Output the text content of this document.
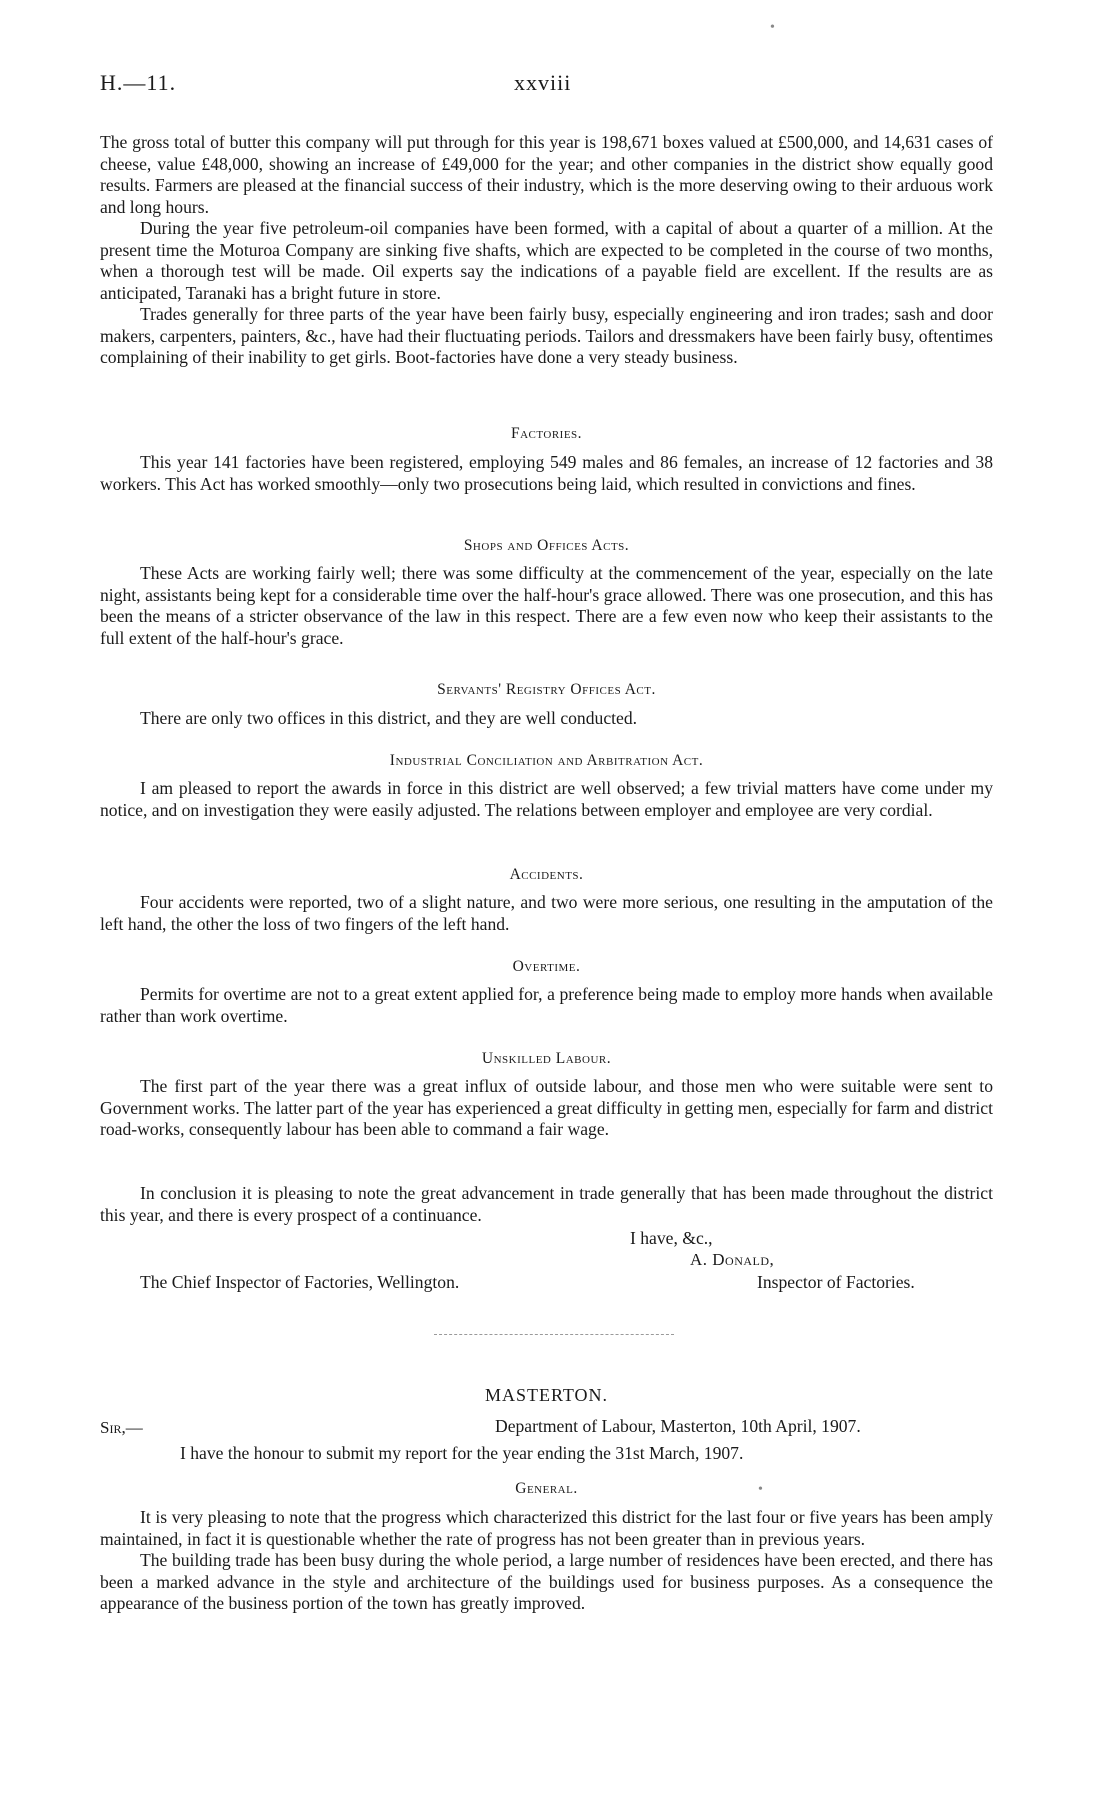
H.—11.	xxviii

The gross total of butter this company will put through for this year is 198,671 boxes valued at £500,000, and 14,631 cases of cheese, value £48,000, showing an increase of £49,000 for the year; and other companies in the district show equally good results. Farmers are pleased at the financial success of their industry, which is the more deserving owing to their arduous work and long hours.

During the year five petroleum-oil companies have been formed, with a capital of about a quarter of a million. At the present time the Moturoa Company are sinking five shafts, which are expected to be completed in the course of two months, when a thorough test will be made. Oil experts say the indications of a payable field are excellent. If the results are as anticipated, Taranaki has a bright future in store.

Trades generally for three parts of the year have been fairly busy, especially engineering and iron trades; sash and door makers, carpenters, painters, &c., have had their fluctuating periods. Tailors and dressmakers have been fairly busy, oftentimes complaining of their inability to get girls. Boot-factories have done a very steady business.

Factories.

This year 141 factories have been registered, employing 549 males and 86 females, an increase of 12 factories and 38 workers. This Act has worked smoothly—only two prosecutions being laid, which resulted in convictions and fines.

Shops and Offices Acts.

These Acts are working fairly well; there was some difficulty at the commencement of the year, especially on the late night, assistants being kept for a considerable time over the half-hour's grace allowed. There was one prosecution, and this has been the means of a stricter observance of the law in this respect. There are a few even now who keep their assistants to the full extent of the half-hour's grace.

Servants' Registry Offices Act.

There are only two offices in this district, and they are well conducted.

Industrial Conciliation and Arbitration Act.

I am pleased to report the awards in force in this district are well observed; a few trivial matters have come under my notice, and on investigation they were easily adjusted. The relations between employer and employee are very cordial.

Accidents.

Four accidents were reported, two of a slight nature, and two were more serious, one resulting in the amputation of the left hand, the other the loss of two fingers of the left hand.

Overtime.

Permits for overtime are not to a great extent applied for, a preference being made to employ more hands when available rather than work overtime.

Unskilled Labour.

The first part of the year there was a great influx of outside labour, and those men who were suitable were sent to Government works. The latter part of the year has experienced a great difficulty in getting men, especially for farm and district road-works, consequently labour has been able to command a fair wage.

In conclusion it is pleasing to note the great advancement in trade generally that has been made throughout the district this year, and there is every prospect of a continuance.

I have, &c.,
A. Donald,
The Chief Inspector of Factories, Wellington.	Inspector of Factories.
MASTERTON.
Sir,—	Department of Labour, Masterton, 10th April, 1907.
I have the honour to submit my report for the year ending the 31st March, 1907.
General.

It is very pleasing to note that the progress which characterized this district for the last four or five years has been amply maintained, in fact it is questionable whether the rate of progress has not been greater than in previous years.

The building trade has been busy during the whole period, a large number of residences have been erected, and there has been a marked advance in the style and architecture of the buildings used for business purposes. As a consequence the appearance of the business portion of the town has greatly improved.

•
•
